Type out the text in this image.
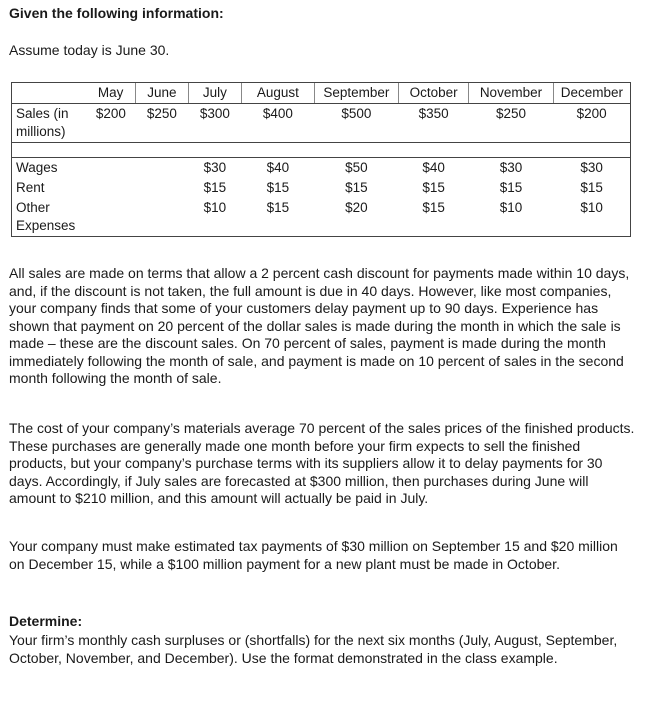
Given the following information:
Assume today is June 30.
	May	June	July	August	September	October	November	December
Sales (in
millions)	$200	$250	$300	$400	$500	$350	$250	$200

Wages			$30	$40	$50	$40	$30	$30
Rent			$15	$15	$15	$15	$15	$15
Other
Expenses			$10	$15	$20	$15	$10	$10

All sales are made on terms that allow a 2 percent cash discount for payments made within 10 days, and, if the discount is not taken, the full amount is due in 40 days. However, like most companies, your company finds that some of your customers delay payment up to 90 days. Experience has shown that payment on 20 percent of the dollar sales is made during the month in which the sale is made – these are the discount sales. On 70 percent of sales, payment is made during the month immediately following the month of sale, and payment is made on 10 percent of sales in the second month following the month of sale.

The cost of your company’s materials average 70 percent of the sales prices of the finished products. These purchases are generally made one month before your firm expects to sell the finished products, but your company’s purchase terms with its suppliers allow it to delay payments for 30 days. Accordingly, if July sales are forecasted at $300 million, then purchases during June will amount to $210 million, and this amount will actually be paid in July.

Your company must make estimated tax payments of $30 million on September 15 and $20 million on December 15, while a $100 million payment for a new plant must be made in October.

Determine:

Your firm’s monthly cash surpluses or (shortfalls) for the next six months (July, August, September, October, November, and December). Use the format demonstrated in the class example.
